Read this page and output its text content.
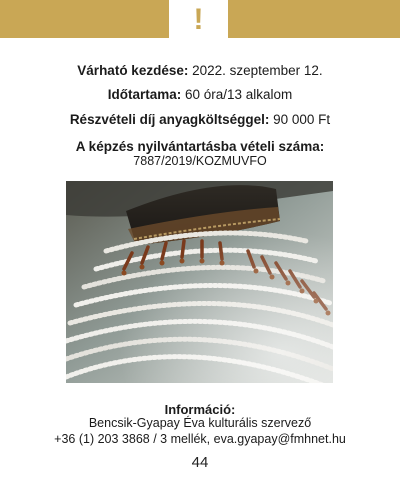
!
Várható kezdése: 2022. szeptember 12.
Időtartama: 60 óra/13 alkalom
Részvételi díj anyagköltséggel: 90 000 Ft
A képzés nyilvántartásba vételi száma:
7887/2019/KOZMUVFO
Információ:
Bencsik-Gyapay Éva kulturális szervező
+36 (1) 203 3868 / 3 mellék, eva.gyapay@fmhnet.hu
44
